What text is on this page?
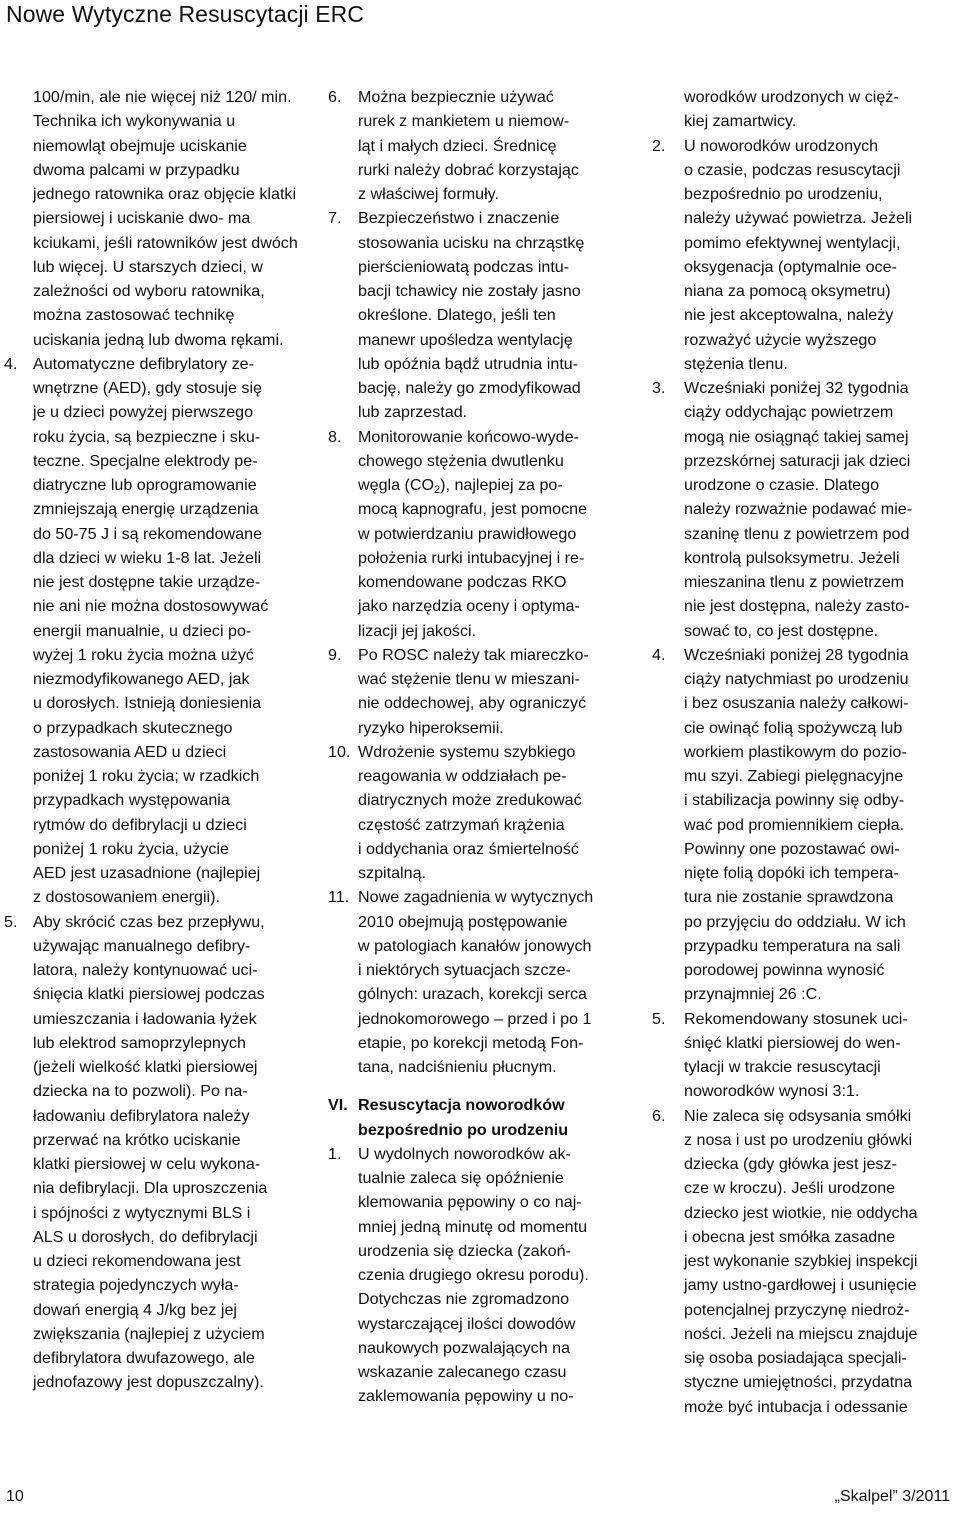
Nowe Wytyczne Resuscytacji ERC
100/min, ale nie więcej niż 120/ min. Technika ich wykonywania u niemowląt obejmuje uciskanie dwoma palcami w przypadku jednego ratownika oraz objęcie klatki piersiowej i uciskanie dwo- ma kciukami, jeśli ratowników jest dwóch lub więcej. U starszych dzieci, w zależności od wyboru ratownika, można zastosować technikę uciskania jedną lub dwoma rękami.
4. Automatyczne defibrylatory ze-
wnętrzne (AED), gdy stosuje się
je u dzieci powyżej pierwszego
roku życia, są bezpieczne i sku-
teczne. Specjalne elektrody pe-
diatryczne lub oprogramowanie
zmniejszają energię urządzenia
do 50-75 J i są rekomendowane
dla dzieci w wieku 1-8 lat. Jeżeli
nie jest dostępne takie urządze-
nie ani nie można dostosowywać
energii manualnie, u dzieci po-
wyżej 1 roku życia można użyć
niezmodyfikowanego AED, jak
u dorosłych. Istnieją doniesienia
o przypadkach skutecznego
zastosowania AED u dzieci
poniżej 1 roku życia; w rzadkich
przypadkach występowania
rytmów do defibrylacji u dzieci
poniżej 1 roku życia, użycie
AED jest uzasadnione (najlepiej
z dostosowaniem energii).
5. Aby skrócić czas bez przepływu,
używając manualnego defibry-
latora, należy kontynuować uci-
śnięcia klatki piersiowej podczas
umieszczania i ładowania łyżek
lub elektrod samoprzylepnych
(jeżeli wielkość klatki piersiowej
dziecka na to pozwoli). Po na-
ładowaniu defibrylatora należy
przerwać na krótko uciskanie
klatki piersiowej w celu wykona-
nia defibrylacji. Dla uproszczenia
i spójności z wytycznymi BLS i
ALS u dorosłych, do defibrylacji
u dzieci rekomendowana jest
strategia pojedynczych wyła-
dowań energią 4 J/kg bez jej
zwiększania (najlepiej z użyciem
defibrylatora dwufazowego, ale
jednofazowy jest dopuszczalny).
6. Można bezpiecznie używać
rurek z mankietem u niemow-
ląt i małych dzieci. Średnicę
rurki należy dobrać korzystając
z właściwej formuły.
7. Bezpieczeństwo i znaczenie
stosowania ucisku na chrząstkę
pierścieniowatą podczas intu-
bacji tchawicy nie zostały jasno
określone. Dlatego, jeśli ten
manewr upośledza wentylację
lub opóźnia bądź utrudnia intu-
bację, należy go zmodyfikowad
lub zaprzestad.
8. Monitorowanie końcowo-wyde-
chowego stężenia dwutlenku
węgla $(CO_2)$, najlepiej za po-
mocą kapnografu, jest pomocne
w potwierdzaniu prawidłowego
położenia rurki intubacyjnej i re-
komendowane podczas RKO
jako narzędzia oceny i optyma-
lizacji jej jakości.
9. Po ROSC należy tak miareczko-
wać stężenie tlenu w mieszani-
nie oddechowej, aby ograniczyć
ryzyko hiperoksemii.
10. Wdrożenie systemu szybkiego
reagowania w oddziałach pe-
diatrycznych może zredukować
częstość zatrzymań krążenia
i oddychania oraz śmiertelność
szpitalną.
11. Nowe zagadnienia w wytycznych
2010 obejmują postępowanie
w patologiach kanałów jonowych
i niektórych sytuacjach szcze-
gólnych: urazach, korekcji serca
jednokomorowego – przed i po 1
etapie, po korekcji metodą Fon-
tana, nadciśnieniu płucnym.
VI. Resuscytacja noworodków
bezpośrednio po urodzeniu
1. U wydolnych noworodków ak-
tualnie zaleca się opóźnienie
klemowania pępowiny o co naj-
mniej jedną minutę od momentu
urodzenia się dziecka (zakoń-
czenia drugiego okresu porodu).
Dotychczas nie zgromadzono
wystarczającej ilości dowodów
naukowych pozwalających na
wskazanie zalecanego czasu
zaklemowania pępowiny u no-
worodków urodzonych w cięż-
kiej zamartwicy.
2. U noworodków urodzonych
o czasie, podczas resuscytacji
bezpośrednio po urodzeniu,
należy używać powietrza. Jeżeli
pomimo efektywnej wentylacji,
oksygenacja (optymalnie oce-
niana za pomocą oksymetru)
nie jest akceptowalna, należy
rozważyć użycie wyższego
stężenia tlenu.
3. Wcześniaki poniżej 32 tygodnia
ciąży oddychając powietrzem
mogą nie osiągnąć takiej samej
przezskórnej saturacji jak dzieci
urodzone o czasie. Dlatego
należy rozważnie podawać mie-
szaninę tlenu z powietrzem pod
kontrolą pulsoksymetru. Jeżeli
mieszanina tlenu z powietrzem
nie jest dostępna, należy zasto-
sować to, co jest dostępne.
4. Wcześniaki poniżej 28 tygodnia
ciąży natychmiast po urodzeniu
i bez osuszania należy całkowi-
cie owinąć folią spożywczą lub
workiem plastikowym do pozio-
mu szyi. Zabiegi pielęgnacyjne
i stabilizacja powinny się odby-
wać pod promiennikiem ciepła.
Powinny one pozostawać owi-
nięte folią dopóki ich tempera-
tura nie zostanie sprawdzona
po przyjęciu do oddziału. W ich
przypadku temperatura na sali
porodowej powinna wynosić
przynajmniej 26 :C.
5. Rekomendowany stosunek uci-
śnięć klatki piersiowej do wen-
tylacji w trakcie resuscytacji
noworodków wynosi 3:1.
6. Nie zaleca się odsysania smółki
z nosa i ust po urodzeniu główki
dziecka (gdy główka jest jesz-
cze w kroczu). Jeśli urodzone
dziecko jest wiotkie, nie oddycha
i obecna jest smółka zasadne
jest wykonanie szybkiej inspekcji
jamy ustno-gardłowej i usunięcie
potencjalnej przyczynę niedroż-
ności. Jeżeli na miejscu znajduje
się osoba posiadająca specjali-
styczne umiejętności, przydatna
może być intubacja i odessanie
10	„Skalpel” 3/2011
